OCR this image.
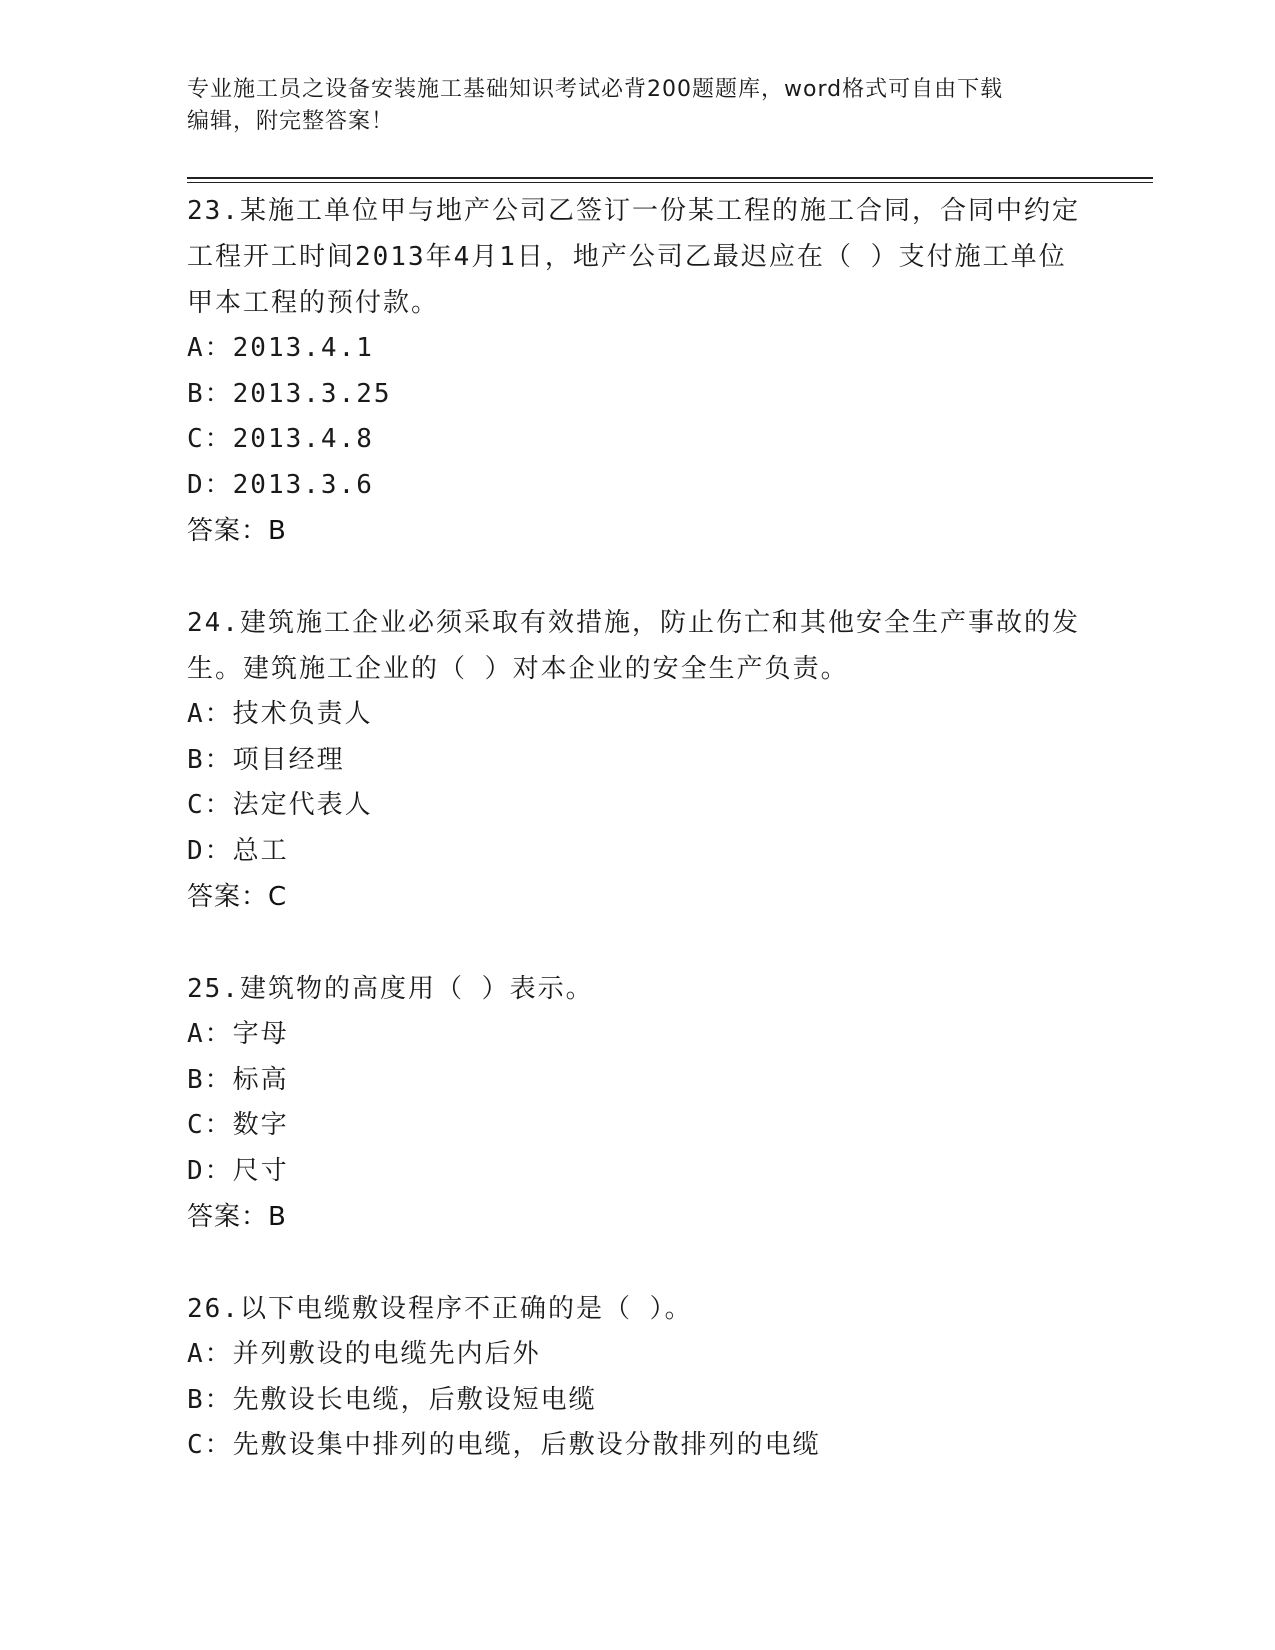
专业施工员之设备安装施工基础知识考试必背200题题库，word格式可自由下载
编辑，附完整答案！
23.某施工单位甲与地产公司乙签订一份某工程的施工合同，合同中约定工程开工时间2013年4月1日，地产公司乙最迟应在（ ）支付施工单位甲本工程的预付款。
A：2013.4.1
B：2013.3.25
C：2013.4.8
D：2013.3.6
答案：B
24.建筑施工企业必须采取有效措施，防止伤亡和其他安全生产事故的发生。建筑施工企业的（ ）对本企业的安全生产负责。
A：技术负责人
B：项目经理
C：法定代表人
D：总工
答案：C
25.建筑物的高度用（ ）表示。
A：字母
B：标高
C：数字
D：尺寸
答案：B
26.以下电缆敷设程序不正确的是（ ）。
A：并列敷设的电缆先内后外
B：先敷设长电缆，后敷设短电缆
C：先敷设集中排列的电缆，后敷设分散排列的电缆
